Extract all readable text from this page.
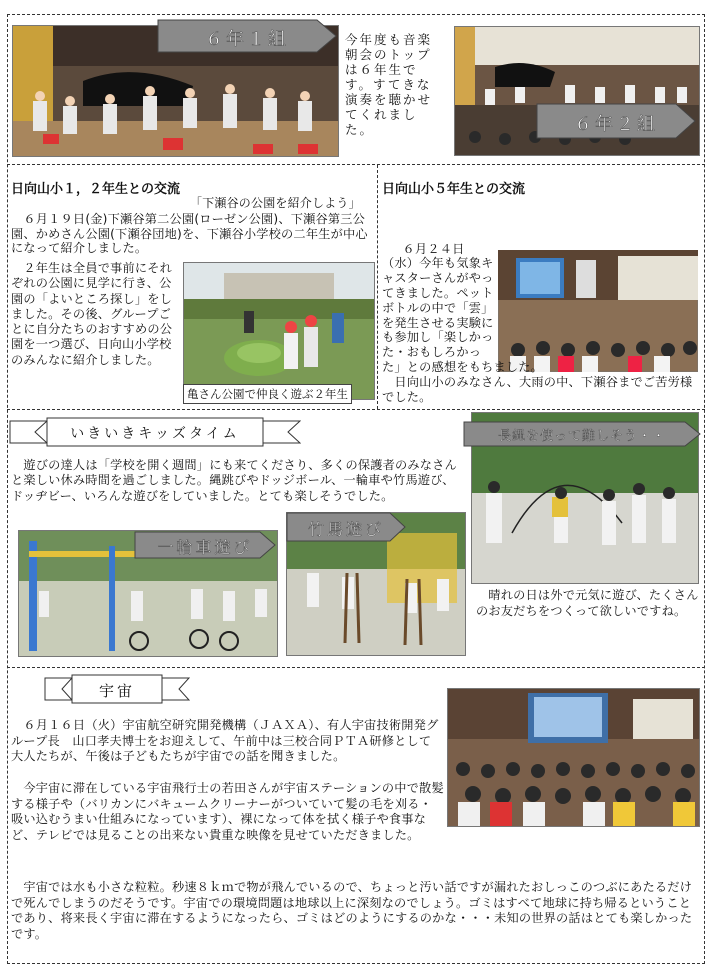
６年１組	今年度も音楽朝会のトップは６年生です。すてきな演奏を聴かせてくれました。	６年２組
日向山小１，２年生との交流
「下瀬谷の公園を紹介しよう」
　６月１９日(金)下瀬谷第二公園(ローゼン公園)、下瀬谷第三公園、かめさん公園(下瀬谷団地)を、下瀬谷小学校の二年生が中心になって紹介しました。
　２年生は全員で事前にそれぞれの公園に見学に行き、公園の「よいところ探し」をしました。その後、グループごとに自分たちのおすすめの公園を一つ選び、日向山小学校のみんなに紹介しました。
亀さん公園で仲良く遊ぶ２年生
日向山小５年生との交流

　６月２４日（水）今年も気象キャスターさんがやってきました。ペットボトルの中で「雲」を発生させる実験にも参加し「楽しかった・おもしろかった」との感想をもちました。
　日向山小のみなさん、大雨の中、下瀬谷までご苦労様でした。

いきいきキッズタイム
　遊びの達人は「学校を開く週間」にも来てくださり、多くの保護者のみなさんと楽しい休み時間を過ごしました。縄跳びやドッジボール、一輪車や竹馬遊び、ドッヂビー、いろんな遊びをしていました。とても楽しそうでした。
一輪車遊び
竹馬遊び
長縄を使って難しそう・・
　晴れの日は外で元気に遊び、たくさんのお友だちをつくって欲しいですね。
宇宙
　６月１６日（火）宇宙航空研究開発機構（ＪＡＸＡ）、有人宇宙技術開発グループ長　山口孝夫博士をお迎えして、午前中は三校合同ＰＴＡ研修として大人たちが、午後は子どもたちが宇宙での話を聞きました。
　今宇宙に滞在している宇宙飛行士の若田さんが宇宙ステーションの中で散髪する様子や（バリカンにバキュームクリーナーがついていて髪の毛を刈る・吸い込むうまい仕組みになっています）、裸になって体を拭く様子や食事など、テレビでは見ることの出来ない貴重な映像を見せていただきました。
　宇宙では水も小さな粒粒。秒速８ｋｍで物が飛んでいるので、ちょっと汚い話ですが漏れたおしっこのつぶにあたるだけで死んでしまうのだそうです。宇宙での環境問題は地球以上に深刻なのでしょう。ゴミはすべて地球に持ち帰るということであり、将来長く宇宙に滞在するようになったら、ゴミはどのようにするのかな・・・未知の世界の話はとても楽しかったです。
